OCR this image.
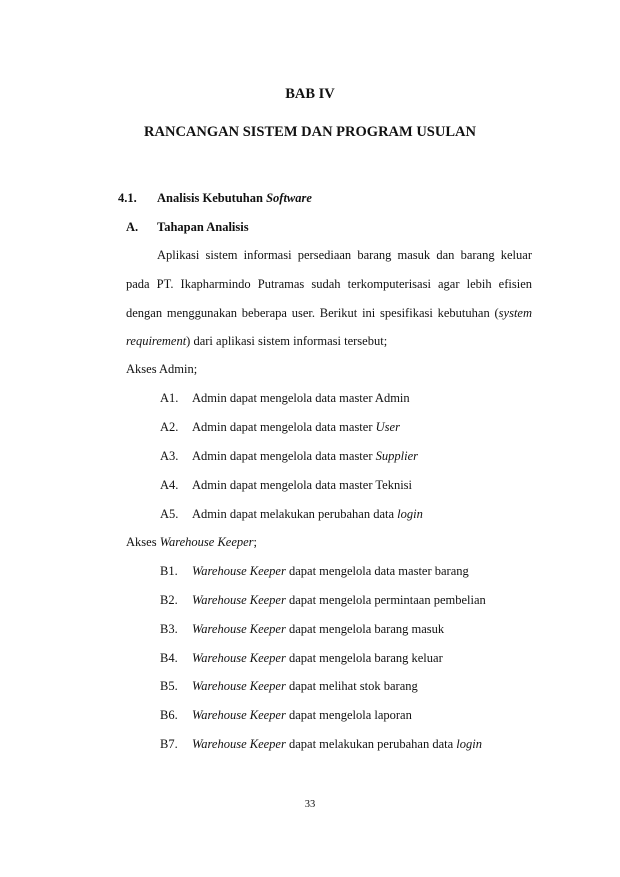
BAB IV
RANCANGAN SISTEM DAN PROGRAM USULAN
4.1. Analisis Kebutuhan Software
A. Tahapan Analisis
Aplikasi sistem informasi persediaan barang masuk dan barang keluar
pada PT. Ikapharmindo Putramas sudah terkomputerisasi agar lebih efisien
dengan menggunakan beberapa user. Berikut ini spesifikasi kebutuhan (system
requirement) dari aplikasi sistem informasi tersebut;
Akses Admin;
A1. Admin dapat mengelola data master Admin
A2. Admin dapat mengelola data master User
A3. Admin dapat mengelola data master Supplier
A4. Admin dapat mengelola data master Teknisi
A5. Admin dapat melakukan perubahan data login
Akses Warehouse Keeper;
B1. Warehouse Keeper dapat mengelola data master barang
B2. Warehouse Keeper dapat mengelola permintaan pembelian
B3. Warehouse Keeper dapat mengelola barang masuk
B4. Warehouse Keeper dapat mengelola barang keluar
B5. Warehouse Keeper dapat melihat stok barang
B6. Warehouse Keeper dapat mengelola laporan
B7. Warehouse Keeper dapat melakukan perubahan data login
33
